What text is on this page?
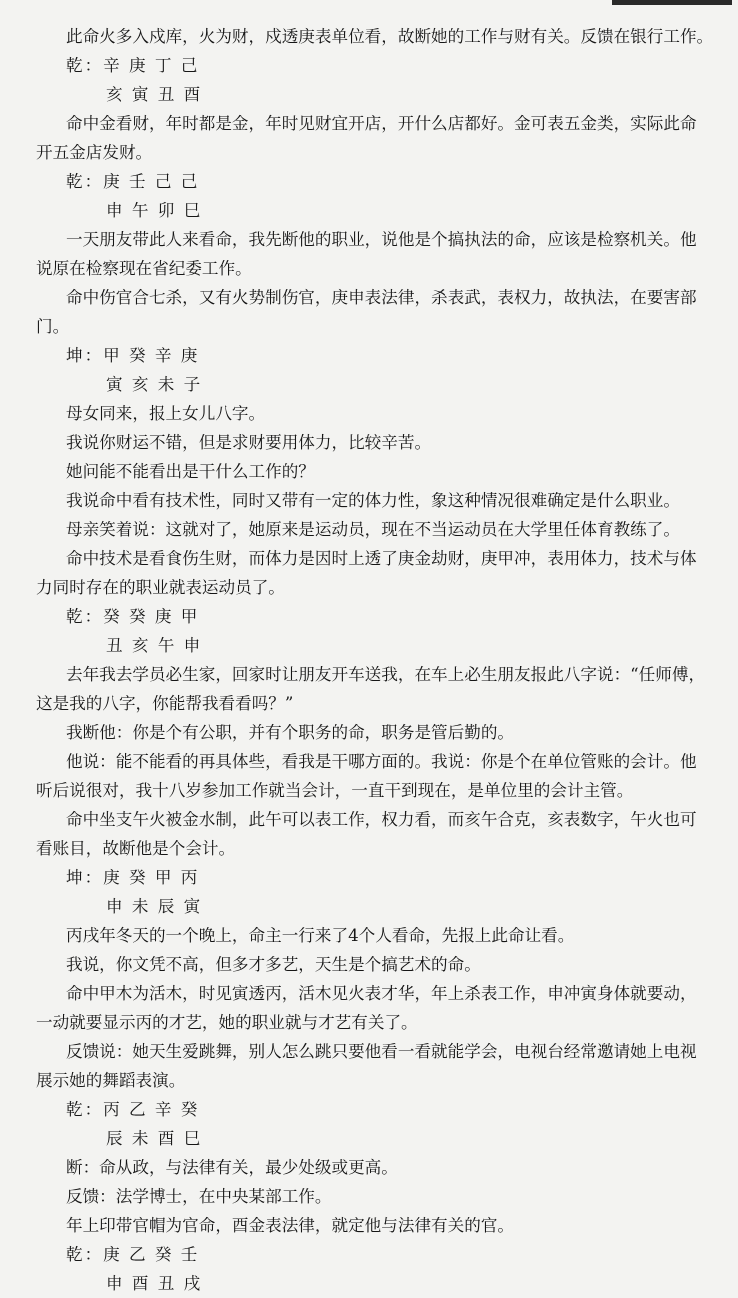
此命火多入戍库，火为财，戍透庚表单位看，故断她的工作与财有关。反馈在银行工作。
乾：辛 庚 丁 己
亥 寅 丑 酉
命中金看财，年时都是金，年时见财宜开店，开什么店都好。金可表五金类，实际此命
开五金店发财。
乾：庚 壬 己 己
申 午 卯 巳
一天朋友带此人来看命，我先断他的职业，说他是个搞执法的命，应该是检察机关。他
说原在检察现在省纪委工作。
命中伤官合七杀，又有火势制伤官，庚申表法律，杀表武，表权力，故执法，在要害部
门。
坤：甲 癸 辛 庚
寅 亥 未 子
母女同来，报上女儿八字。
我说你财运不错，但是求财要用体力，比较辛苦。
她问能不能看出是干什么工作的？
我说命中看有技术性，同时又带有一定的体力性，象这种情况很难确定是什么职业。
母亲笑着说：这就对了，她原来是运动员，现在不当运动员在大学里任体育教练了。
命中技术是看食伤生财，而体力是因时上透了庚金劫财，庚甲冲，表用体力，技术与体
力同时存在的职业就表运动员了。
乾：癸 癸 庚 甲
丑 亥 午 申
去年我去学员必生家，回家时让朋友开车送我，在车上必生朋友报此八字说：“任师傅，
这是我的八字，你能帮我看看吗？”
我断他：你是个有公职，并有个职务的命，职务是管后勤的。
他说：能不能看的再具体些，看我是干哪方面的。我说：你是个在单位管账的会计。他
听后说很对，我十八岁参加工作就当会计，一直干到现在，是单位里的会计主管。
命中坐支午火被金水制，此午可以表工作，权力看，而亥午合克，亥表数字，午火也可
看账目，故断他是个会计。
坤：庚 癸 甲 丙
申 未 辰 寅
丙戌年冬天的一个晚上，命主一行来了4个人看命，先报上此命让看。
我说，你文凭不高，但多才多艺，天生是个搞艺术的命。
命中甲木为活木，时见寅透丙，活木见火表才华，年上杀表工作，申冲寅身体就要动，
一动就要显示丙的才艺，她的职业就与才艺有关了。
反馈说：她天生爱跳舞，别人怎么跳只要他看一看就能学会，电视台经常邀请她上电视
展示她的舞蹈表演。
乾：丙 乙 辛 癸
辰 未 酉 巳
断：命从政，与法律有关，最少处级或更高。
反馈：法学博士，在中央某部工作。
年上印带官帽为官命，酉金表法律，就定他与法律有关的官。
乾：庚 乙 癸 壬
申 酉 丑 戌
